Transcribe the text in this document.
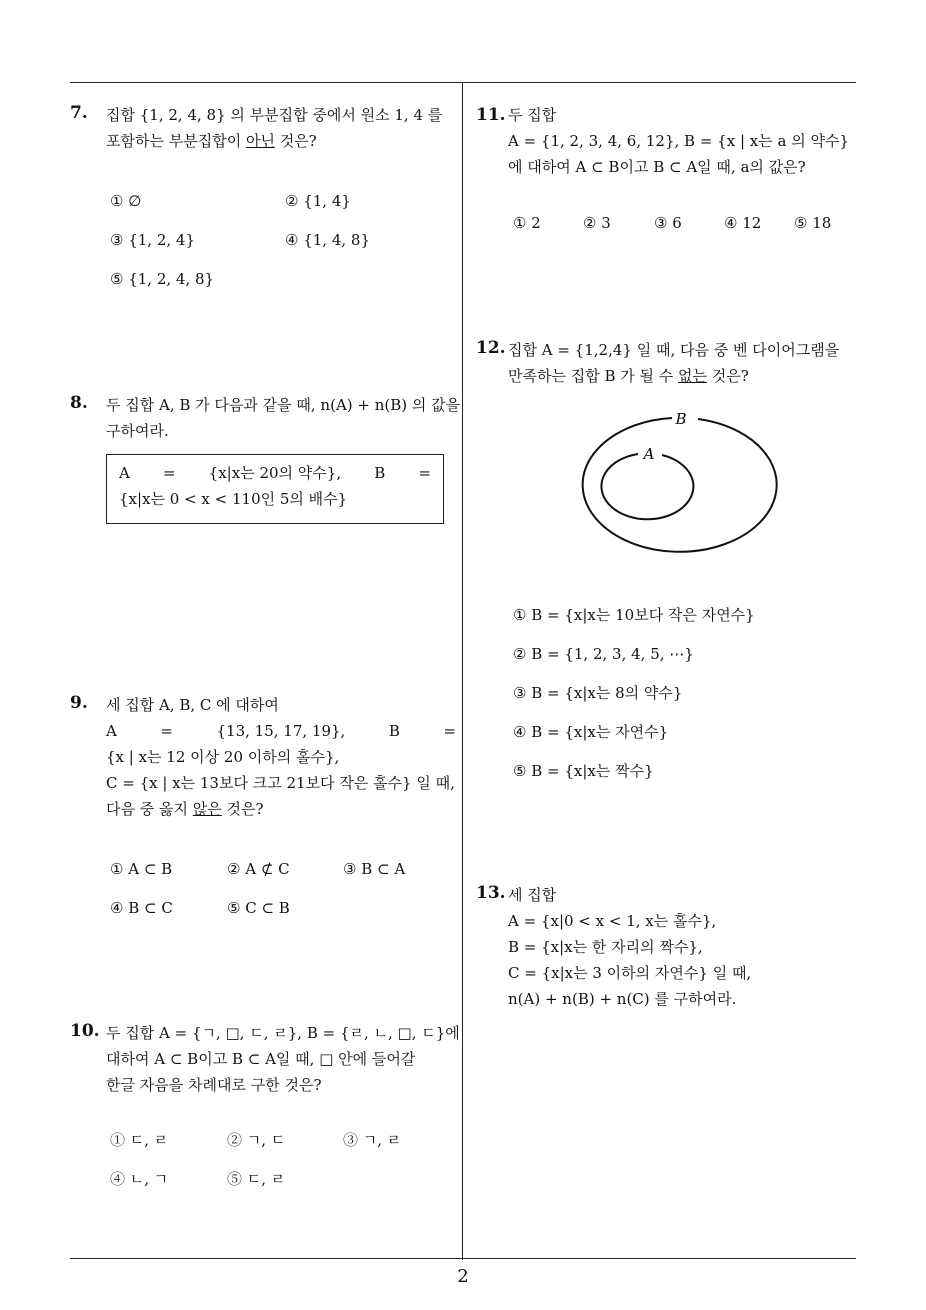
7. 집합 {1, 2, 4, 8} 의 부분집합 중에서 원소 1, 4 를
포함하는 부분집합이 아닌 것은?
① ∅	② {1, 4}
③ {1, 2, 4}	④ {1, 4, 8}
⑤ {1, 2, 4, 8}
8. 두 집합 A, B 가 다음과 같을 때, n(A) + n(B) 의 값을
구하여라.
A = {x|x는 20의 약수}, B =
{x|x는 0 < x < 110인 5의 배수}
9. 세 집합 A, B, C 에 대하여
A	=	{13, 15, 17, 19},	B	=
{x | x는 12 이상 20 이하의 홀수},
C = {x | x는 13보다 크고 21보다 작은 홀수} 일 때,
다음 중 옳지 않은 것은?
① A ⊂ B	② A ⊄ C	③ B ⊂ A
④ B ⊂ C	⑤ C ⊂ B
10. 두 집합 A = {ㄱ, □, ㄷ, ㄹ}, B = {ㄹ, ㄴ, □, ㄷ}에
대하여 A ⊂ B이고 B ⊂ A일 때, □ 안에 들어갈
한글 자음을 차례대로 구한 것은?
① ㄷ, ㄹ	② ㄱ, ㄷ	③ ㄱ, ㄹ
④ ㄴ, ㄱ	⑤ ㄷ, ㄹ
11. 두 집합
A = {1, 2, 3, 4, 6, 12}, B = {x | x는 a 의 약수}
에 대하여 A ⊂ B이고 B ⊂ A일 때, a의 값은?
① 2	② 3	③ 6	④ 12 ⑤ 18
12. 집합 A = {1,2,4} 일 때, 다음 중 벤 다이어그램을
만족하는 집합 B 가 될 수 없는 것은?
B
A
① B = {x|x는 10보다 작은 자연수}
② B = {1, 2, 3, 4, 5, ⋯}
③ B = {x|x는 8의 약수}
④ B = {x|x는 자연수}
⑤ B = {x|x는 짝수}
13. 세 집합
A = {x|0 < x < 1, x는 홀수},
B = {x|x는 한 자리의 짝수},
C = {x|x는 3 이하의 자연수} 일 때,
n(A) + n(B) + n(C) 를 구하여라.
2
